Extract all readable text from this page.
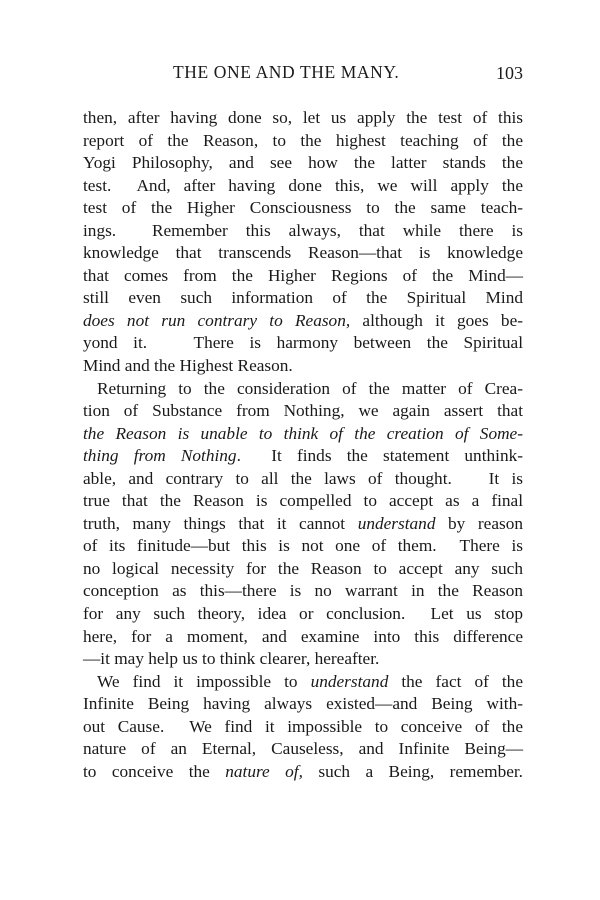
THE ONE AND THE MANY.	103
then, after having done so, let us apply the test of this
report of the Reason, to the highest teaching of the
Yogi Philosophy, and see how the latter stands the
test.  And, after having done this, we will apply the
test of the Higher Consciousness to the same teach-
ings.  Remember this always, that while there is
knowledge that transcends Reason—that is knowledge
that comes from the Higher Regions of the Mind—
still even such information of the Spiritual Mind
does not run contrary to Reason, although it goes be-
yond it.   There is harmony between the Spiritual
Mind and the Highest Reason.
Returning to the consideration of the matter of Crea-
tion of Substance from Nothing, we again assert that
the Reason is unable to think of the creation of Some-
thing from Nothing.  It finds the statement unthink-
able, and contrary to all the laws of thought.   It is
true that the Reason is compelled to accept as a final
truth, many things that it cannot understand by reason
of its finitude—but this is not one of them.  There is
no logical necessity for the Reason to accept any such
conception as this—there is no warrant in the Reason
for any such theory, idea or conclusion.  Let us stop
here, for a moment, and examine into this difference
—it may help us to think clearer, hereafter.
We find it impossible to understand the fact of the
Infinite Being having always existed—and Being with-
out Cause.  We find it impossible to conceive of the
nature of an Eternal, Causeless, and Infinite Being—
to conceive the nature of, such a Being, remember.
